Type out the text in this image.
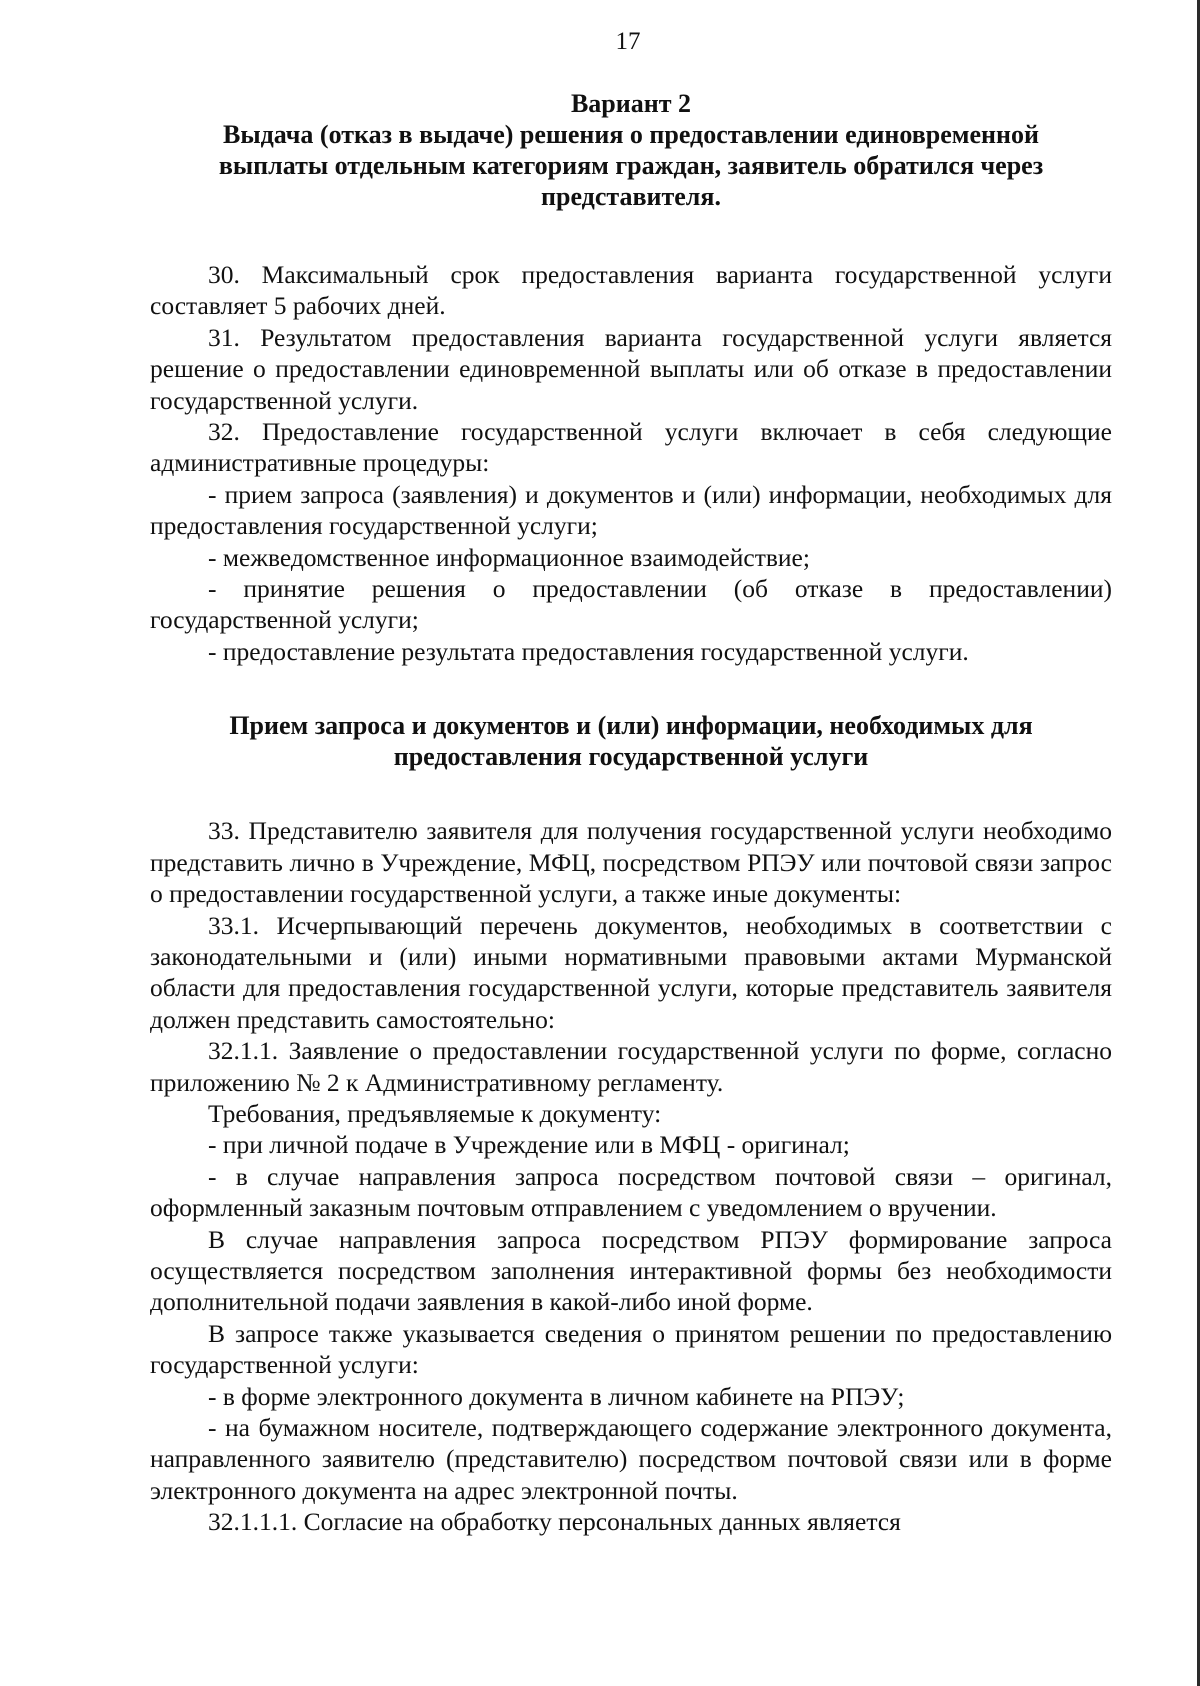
17

Вариант 2

Выдача (отказ в выдаче) решения о предоставлении единовременной выплаты отдельным категориям граждан, заявитель обратился через представителя.

30. Максимальный срок предоставления варианта государственной услуги составляет 5 рабочих дней.

31. Результатом предоставления варианта государственной услуги является решение о предоставлении единовременной выплаты или об отказе в предоставлении государственной услуги.

32. Предоставление государственной услуги включает в себя следующие административные процедуры:

- прием запроса (заявления) и документов и (или) информации, необходимых для предоставления государственной услуги;

- межведомственное информационное взаимодействие;

- принятие решения о предоставлении (об отказе в предоставлении) государственной услуги;

- предоставление результата предоставления государственной услуги.

Прием запроса и документов и (или) информации, необходимых для предоставления государственной услуги

33. Представителю заявителя для получения государственной услуги необходимо представить лично в Учреждение, МФЦ, посредством РПЭУ или почтовой связи запрос о предоставлении государственной услуги, а также иные документы:

33.1. Исчерпывающий перечень документов, необходимых в соответствии с законодательными и (или) иными нормативными правовыми актами Мурманской области для предоставления государственной услуги, которые представитель заявителя должен представить самостоятельно:

32.1.1. Заявление о предоставлении государственной услуги по форме, согласно приложению № 2 к Административному регламенту.

Требования, предъявляемые к документу:

- при личной подаче в Учреждение или в МФЦ - оригинал;

- в случае направления запроса посредством почтовой связи – оригинал, оформленный заказным почтовым отправлением с уведомлением о вручении.

В случае направления запроса посредством РПЭУ формирование запроса осуществляется посредством заполнения интерактивной формы без необходимости дополнительной подачи заявления в какой-либо иной форме.

В запросе также указывается сведения о принятом решении по предоставлению государственной услуги:

- в форме электронного документа в личном кабинете на РПЭУ;

- на бумажном носителе, подтверждающего содержание электронного документа, направленного заявителю (представителю) посредством почтовой связи или в форме электронного документа на адрес электронной почты.

32.1.1.1. Согласие на обработку персональных данных является
